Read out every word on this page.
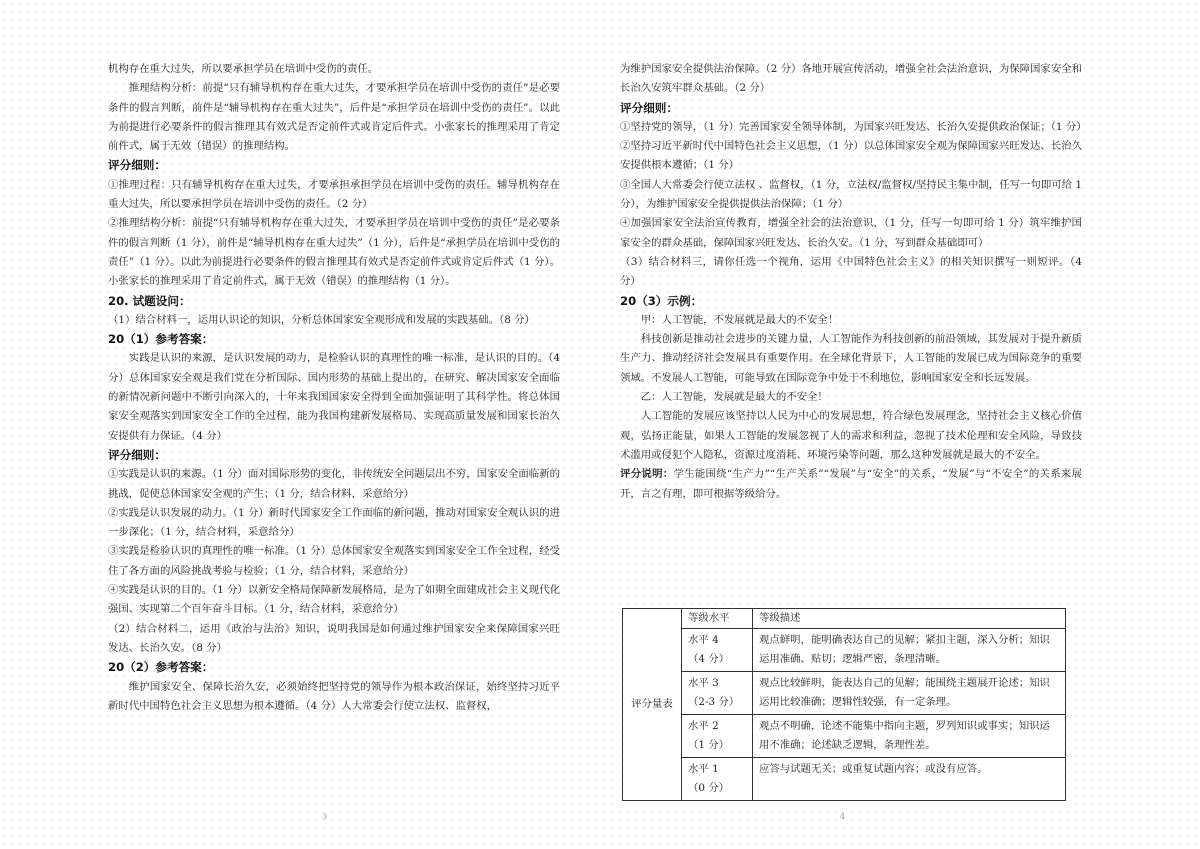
机构存在重大过失，所以要承担学员在培训中受伤的责任。

推理结构分析：前提“只有辅导机构存在重大过失，才要承担学员在培训中受伤的责任”是必要条件的假言判断，前件是“辅导机构存在重大过失”，后件是“承担学员在培训中受伤的责任”。以此为前提进行必要条件的假言推理其有效式是否定前件式或肯定后件式。小张家长的推理采用了肯定前件式，属于无效（错误）的推理结构。

评分细则：

①推理过程：只有辅导机构存在重大过失，才要承担承担学员在培训中受伤的责任。辅导机构存在重大过失，所以要承担学员在培训中受伤的责任。（2 分）

②推理结构分析：前提“只有辅导机构存在重大过失，才要承担学员在培训中受伤的责任”是必要条件的假言判断（1 分），前件是“辅导机构存在重大过失”（1 分），后件是“承担学员在培训中受伤的责任”（1 分）。以此为前提进行必要条件的假言推理其有效式是否定前件式或肯定后件式（1 分）。小张家长的推理采用了肯定前件式，属于无效（错误）的推理结构（1 分）。

20. 试题设问：

（1）结合材料一，运用认识论的知识，分析总体国家安全观形成和发展的实践基础。（8 分）

20（1）参考答案：

实践是认识的来源，是认识发展的动力，是检验认识的真理性的唯一标准，是认识的目的。（4 分）总体国家安全观是我们党在分析国际、国内形势的基础上提出的，在研究、解决国家安全面临的新情况新问题中不断引向深入的，十年来我国国家安全得到全面加强证明了其科学性。将总体国家安全观落实到国家安全工作的全过程，能为我国构建新发展格局、实现高质量发展和国家长治久安提供有力保证。（4 分）

评分细则：

①实践是认识的来源。（1 分）面对国际形势的变化，非传统安全问题层出不穷，国家安全面临新的挑战，促使总体国家安全观的产生；（1 分，结合材料，采意给分）

②实践是认识发展的动力。（1 分）新时代国家安全工作面临的新问题，推动对国家安全观认识的进一步深化；（1 分，结合材料，采意给分）

③实践是检验认识的真理性的唯一标准。（1 分）总体国家安全观落实到国家安全工作全过程，经受住了各方面的风险挑战考验与检验；（1 分，结合材料，采意给分）

④实践是认识的目的。（1 分）以新安全格局保障新发展格局，是为了如期全面建成社会主义现代化强国、实现第二个百年奋斗目标。（1 分，结合材料，采意给分）

（2）结合材料二，运用《政治与法治》知识，说明我国是如何通过维护国家安全来保障国家兴旺发达、长治久安。（8 分）

20（2）参考答案：

维护国家安全、保障长治久安，必须始终把坚持党的领导作为根本政治保证，始终坚持习近平新时代中国特色社会主义思想为根本遵循。（4 分）人大常委会行使立法权、监督权，

为维护国家安全提供法治保障。（2 分）各地开展宣传活动，增强全社会法治意识，为保障国家安全和长治久安筑牢群众基础。（2 分）

评分细则：

①坚持党的领导，（1 分）完善国家安全领导体制，为国家兴旺发达、长治久安提供政治保证；（1 分）

②坚持习近平新时代中国特色社会主义思想，（1 分）以总体国家安全观为保障国家兴旺发达、长治久安提供根本遵循；（1 分）

③全国人大常委会行使立法权 、监督权，（1 分，立法权/监督权/坚持民主集中制，任写一句即可给 1 分），为维护国家安全提供提供法治保障；（1 分）

④加强国家安全法治宣传教育，增强全社会的法治意识，（1 分，任写一句即可给 1 分）筑牢维护国家安全的群众基础，保障国家兴旺发达、长治久安。（1 分，写到群众基础即可）

（3）结合材料三，请你任选一个视角，运用《中国特色社会主义》的相关知识撰写一则短评。（4 分）

20（3）示例：

甲：人工智能，不发展就是最大的不安全！

科技创新是推动社会进步的关键力量，人工智能作为科技创新的前沿领域，其发展对于提升新质生产力、推动经济社会发展具有重要作用。在全球化背景下，人工智能的发展已成为国际竞争的重要领域。不发展人工智能，可能导致在国际竞争中处于不利地位，影响国家安全和长远发展。

乙：人工智能，发展就是最大的不安全！

人工智能的发展应该坚持以人民为中心的发展思想，符合绿色发展理念，坚持社会主义核心价值观，弘扬正能量，如果人工智能的发展忽视了人的需求和利益，忽视了技术伦理和安全风险，导致技术滥用或侵犯个人隐私，资源过度消耗、环境污染等问题，那么这种发展就是最大的不安全。

评分说明：学生能围绕“生产力”“生产关系”“发展”与“安全”的关系，“发展”与“不安全”的关系来展开，言之有理，即可根据等级给分。

评分量表	等级水平	等级描述

	水平 4
（4 分）	观点鲜明，能明确表达自己的见解；紧扣主题，深入分析；知识运用准确、贴切；逻辑严密，条理清晰。

	水平 3
（2-3 分）	观点比较鲜明，能表达自己的见解；能围绕主题展开论述；知识运用比较准确；逻辑性较强，有一定条理。

	水平 2
（1 分）	观点不明确，论述不能集中指向主题，罗列知识或事实；知识运用不准确；论述缺乏逻辑，条理性差。

	水平 1
（0 分）	应答与试题无关；或重复试题内容；或没有应答。
3	4
